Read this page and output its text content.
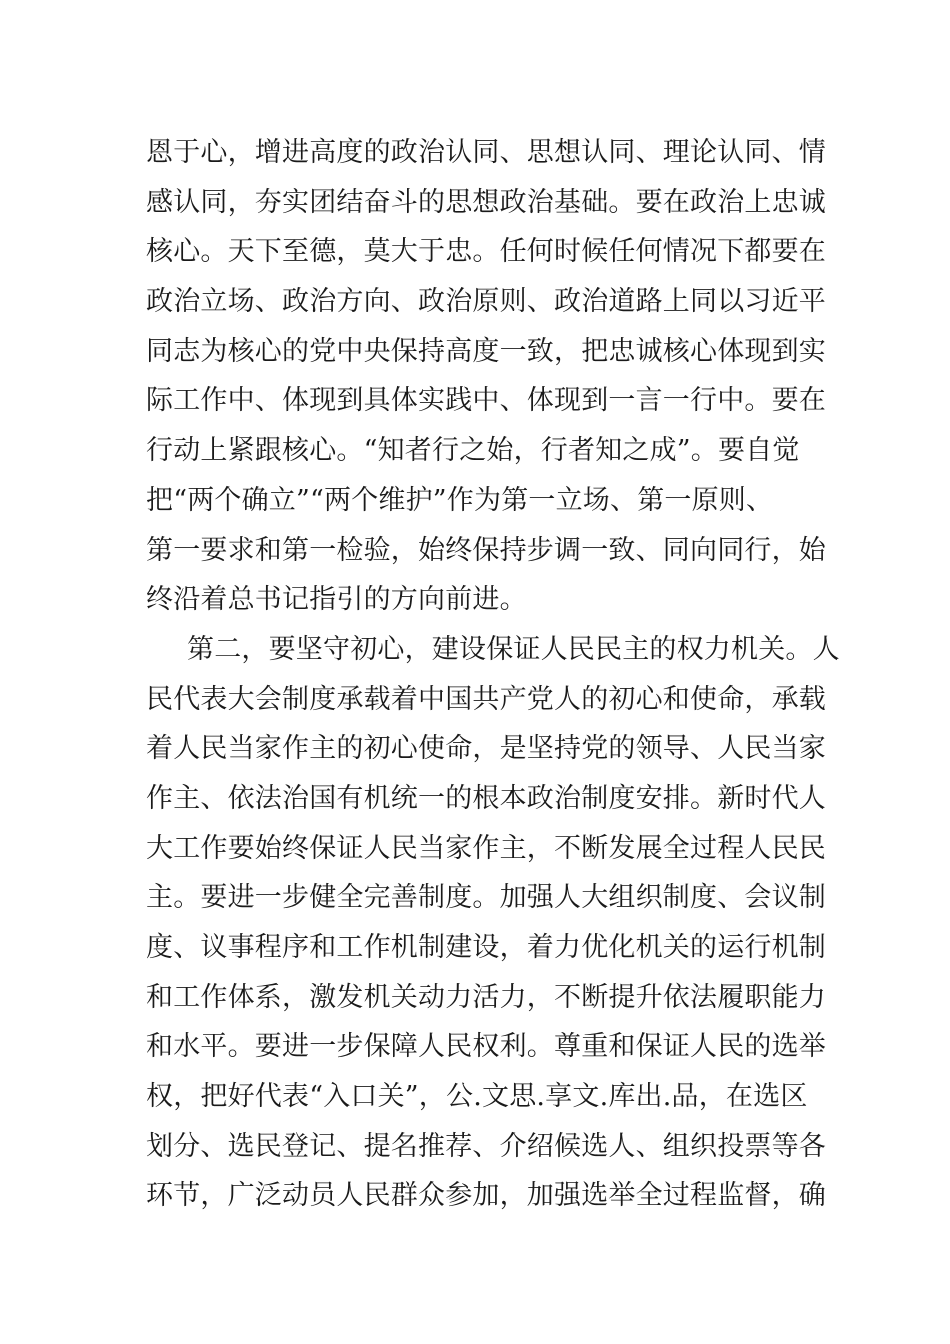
恩于心，增进高度的政治认同、思想认同、理论认同、情
感认同，夯实团结奋斗的思想政治基础。要在政治上忠诚
核心。天下至德，莫大于忠。任何时候任何情况下都要在
政治立场、政治方向、政治原则、政治道路上同以习近平
同志为核心的党中央保持高度一致，把忠诚核心体现到实
际工作中、体现到具体实践中、体现到一言一行中。要在
行动上紧跟核心。“知者行之始，行者知之成”。要自觉
把“两个确立”“两个维护”作为第一立场、第一原则、
第一要求和第一检验，始终保持步调一致、同向同行，始
终沿着总书记指引的方向前进。
第二，要坚守初心，建设保证人民民主的权力机关。人
民代表大会制度承载着中国共产党人的初心和使命，承载
着人民当家作主的初心使命，是坚持党的领导、人民当家
作主、依法治国有机统一的根本政治制度安排。新时代人
大工作要始终保证人民当家作主，不断发展全过程人民民
主。要进一步健全完善制度。加强人大组织制度、会议制
度、议事程序和工作机制建设，着力优化机关的运行机制
和工作体系，激发机关动力活力，不断提升依法履职能力
和水平。要进一步保障人民权利。尊重和保证人民的选举
权，把好代表“入口关”，公.文思.享文.库出.品，在选区
划分、选民登记、提名推荐、介绍候选人、组织投票等各
环节，广泛动员人民群众参加，加强选举全过程监督，确
